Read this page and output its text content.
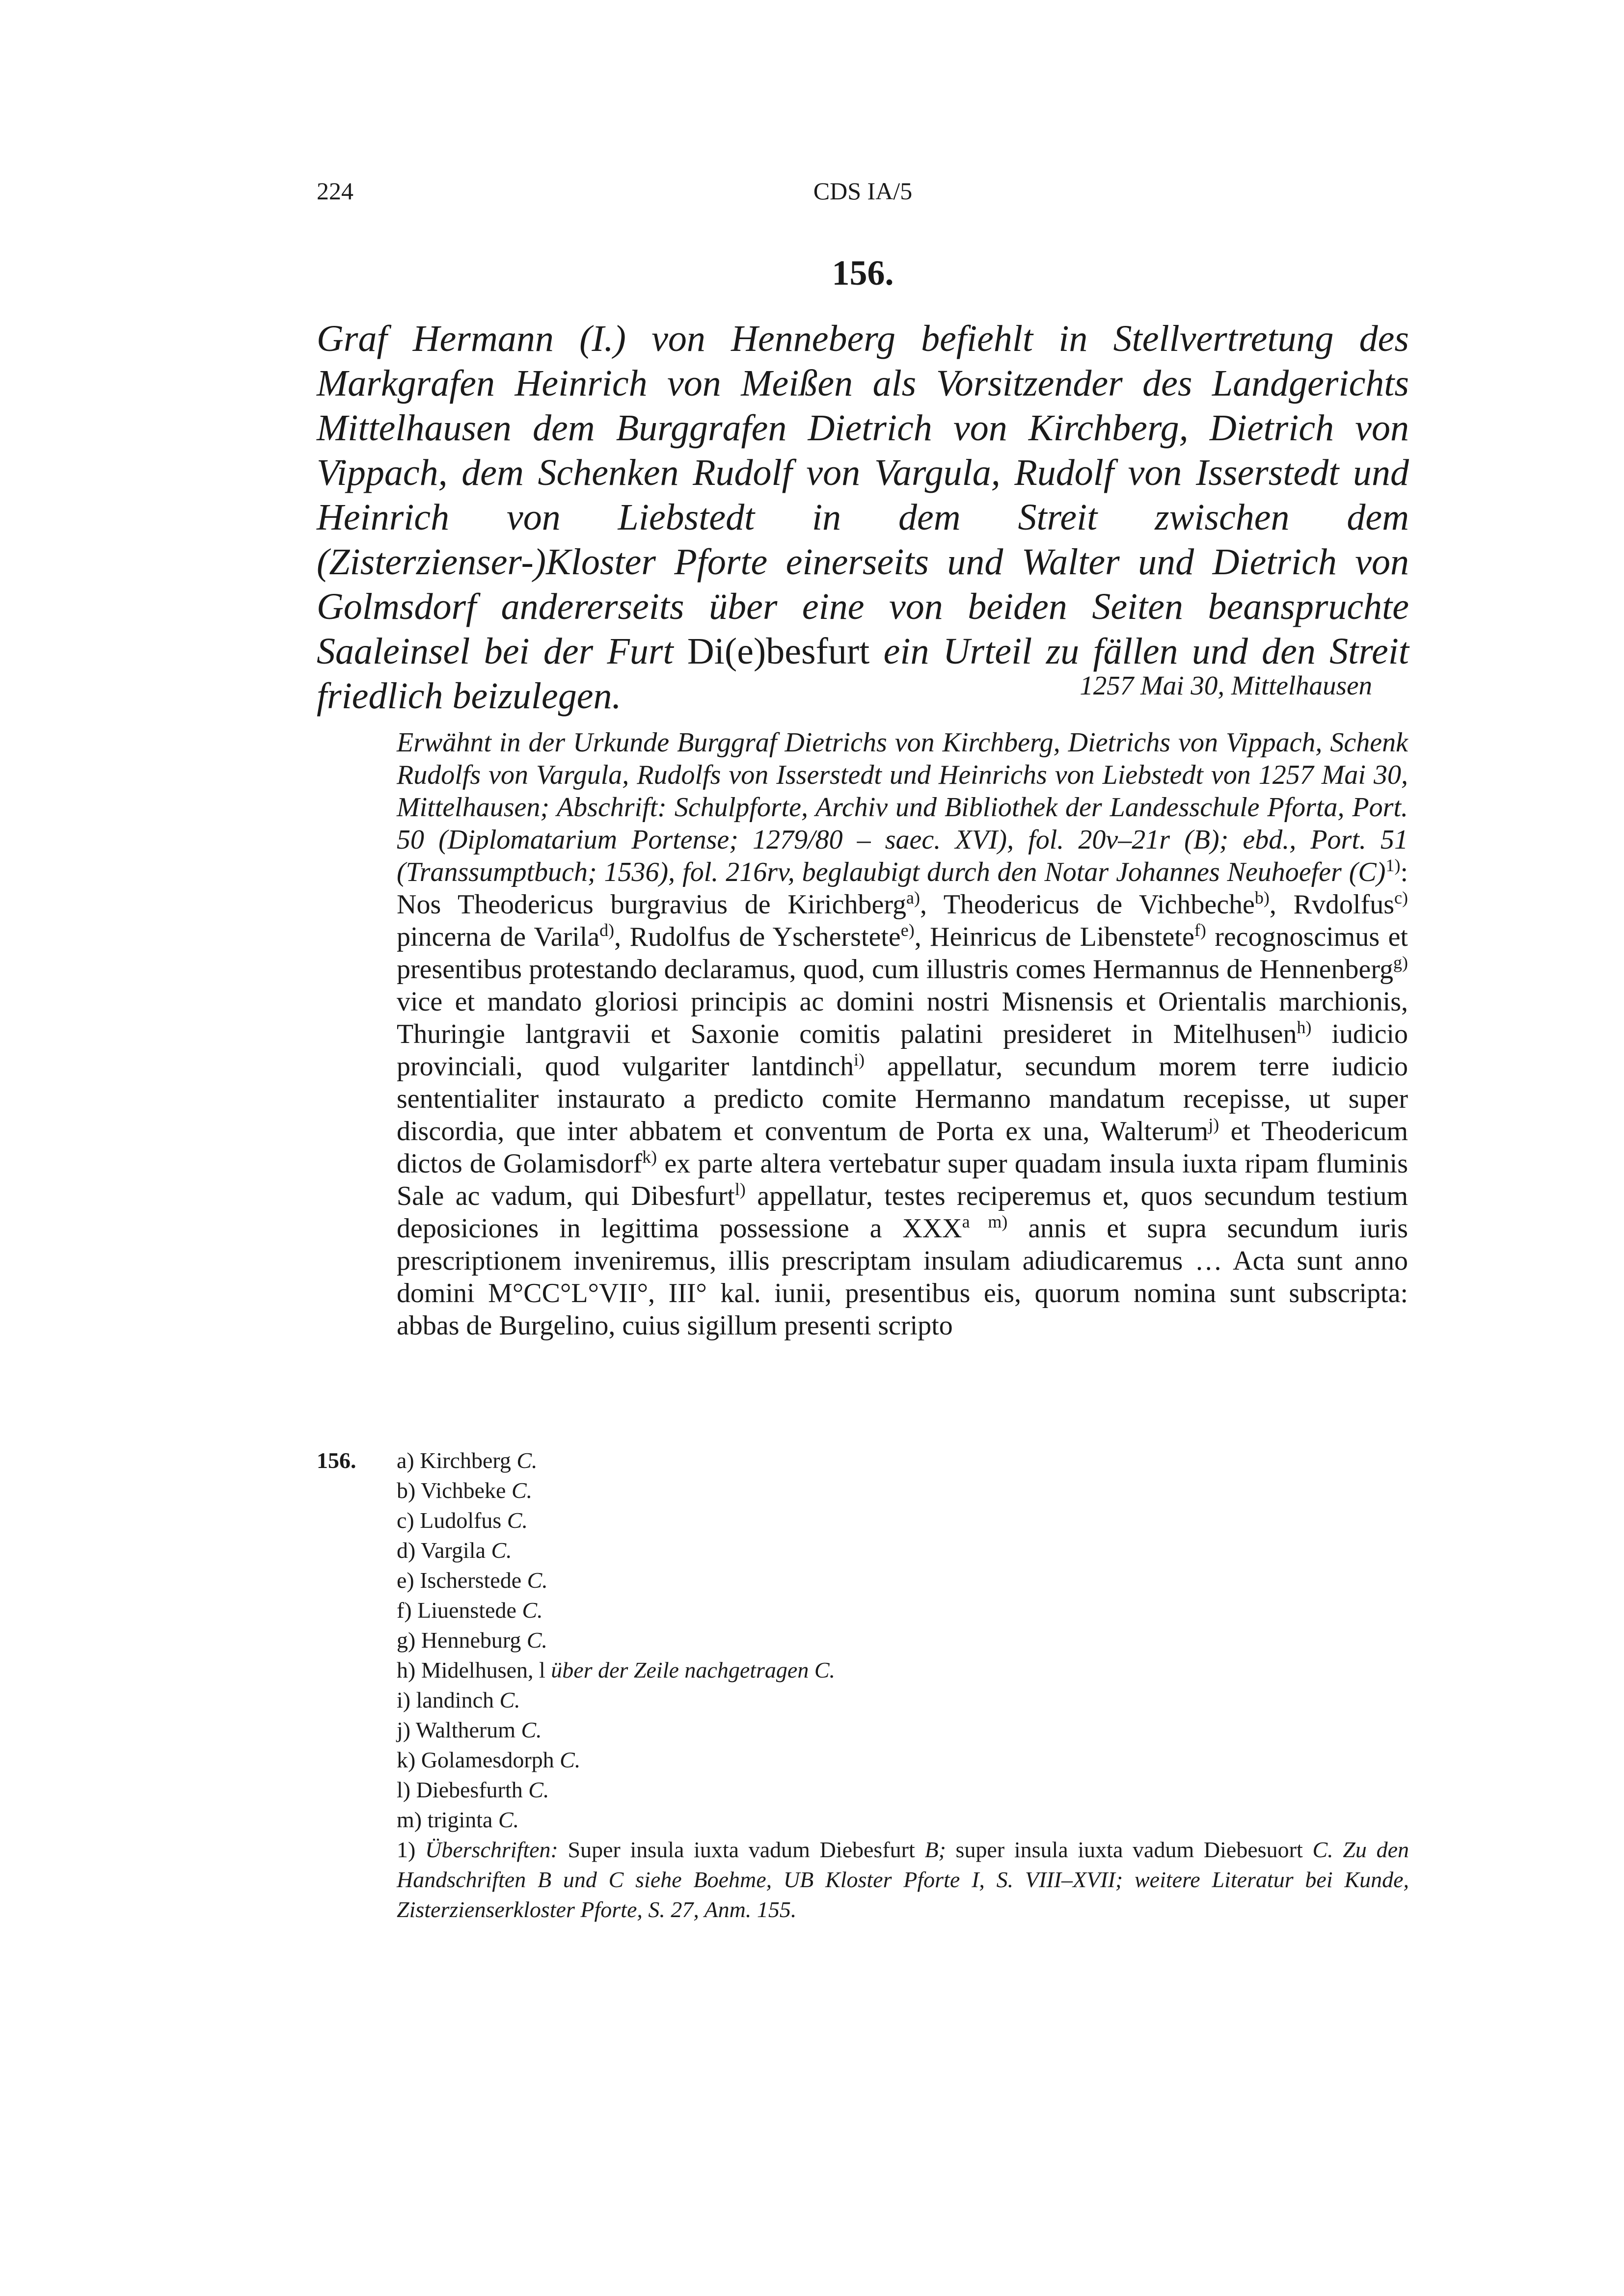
224	CDS IA/5
156.
Graf Hermann (I.) von Henneberg befiehlt in Stellvertretung des Markgrafen Heinrich von Meißen als Vorsitzender des Landgerichts Mittelhausen dem Burggrafen Dietrich von Kirchberg, Dietrich von Vippach, dem Schenken Rudolf von Vargula, Rudolf von Isserstedt und Heinrich von Liebstedt in dem Streit zwischen dem (Zisterzienser-)Kloster Pforte einerseits und Walter und Dietrich von Golmsdorf andererseits über eine von beiden Seiten beanspruchte Saaleinsel bei der Furt Di(e)besfurt ein Urteil zu fällen und den Streit friedlich beizulegen.	1257 Mai 30, Mittelhausen
Erwähnt in der Urkunde Burggraf Dietrichs von Kirchberg, Dietrichs von Vippach, Schenk Rudolfs von Vargula, Rudolfs von Isserstedt und Heinrichs von Liebstedt von 1257 Mai 30, Mittelhausen; Abschrift: Schulpforte, Archiv und Bibliothek der Landesschule Pforta, Port. 50 (Diplomatarium Portense; 1279/80 – saec. XVI), fol. 20v–21r (B); ebd., Port. 51 (Transsumptbuch; 1536), fol. 216rv, beglaubigt durch den Notar Johannes Neuhoefer $(C)^{1)}$: Nos Theodericus burgravius de Kirichberg$^{a)}$, Theodericus de Vichbeche$^{b)}$, Rvdolfus$^{c)}$ pincerna de Varila$^{d)}$, Rudolfus de Yscherstete$^{e)}$, Heinricus de Libenstete$^{f)}$ recognoscimus et presentibus protestando declaramus, quod, cum illustris comes Hermannus de Hennenberg$^{g)}$ vice et mandato gloriosi principis ac domini nostri Misnensis et Orientalis marchionis, Thuringie lantgravii et Saxonie comitis palatini presideret in Mitelhusen$^{h)}$ iudicio provinciali, quod vulgariter lantdinch$^{i)}$ appellatur, secundum morem terre iudicio sententialiter instaurato a predicto comite Hermanno mandatum recepisse, ut super discordia, que inter abbatem et conventum de Porta ex una, Walterum$^{j)}$ et Theodericum dictos de Golamisdorf$^{k)}$ ex parte altera vertebatur super quadam insula iuxta ripam fluminis Sale ac vadum, qui Dibesfurt$^{l)}$ appellatur, testes reciperemus et, quos secundum testium deposiciones in legittima possessione a $XXX^{a m)}$ annis et supra secundum iuris prescriptionem inveniremus, illis prescriptam insulam adiudicaremus … Acta sunt anno domini M°CC°L°VII°, III° kal. iunii, presentibus eis, quorum nomina sunt subscripta: abbas de Burgelino, cuius sigillum presenti scripto
156.	a) Kirchberg C.
b) Vichbeke C.
c) Ludolfus C.
d) Vargila C.
e) Ischerstede C.
f) Liuenstede C.
g) Henneburg C.
h) Midelhusen, l über der Zeile nachgetragen C.
i) landinch C.
j) Waltherum C.
k) Golamesdorph C.
l) Diebesfurth C.
m) triginta C.
1) Überschriften: Super insula iuxta vadum Diebesfurt B; super insula iuxta vadum Diebesuort C. Zu den Handschriften B und C siehe Boehme, UB Kloster Pforte I, S. VIII–XVII; weitere Literatur bei Kunde, Zisterzienserkloster Pforte, S. 27, Anm. 155.
